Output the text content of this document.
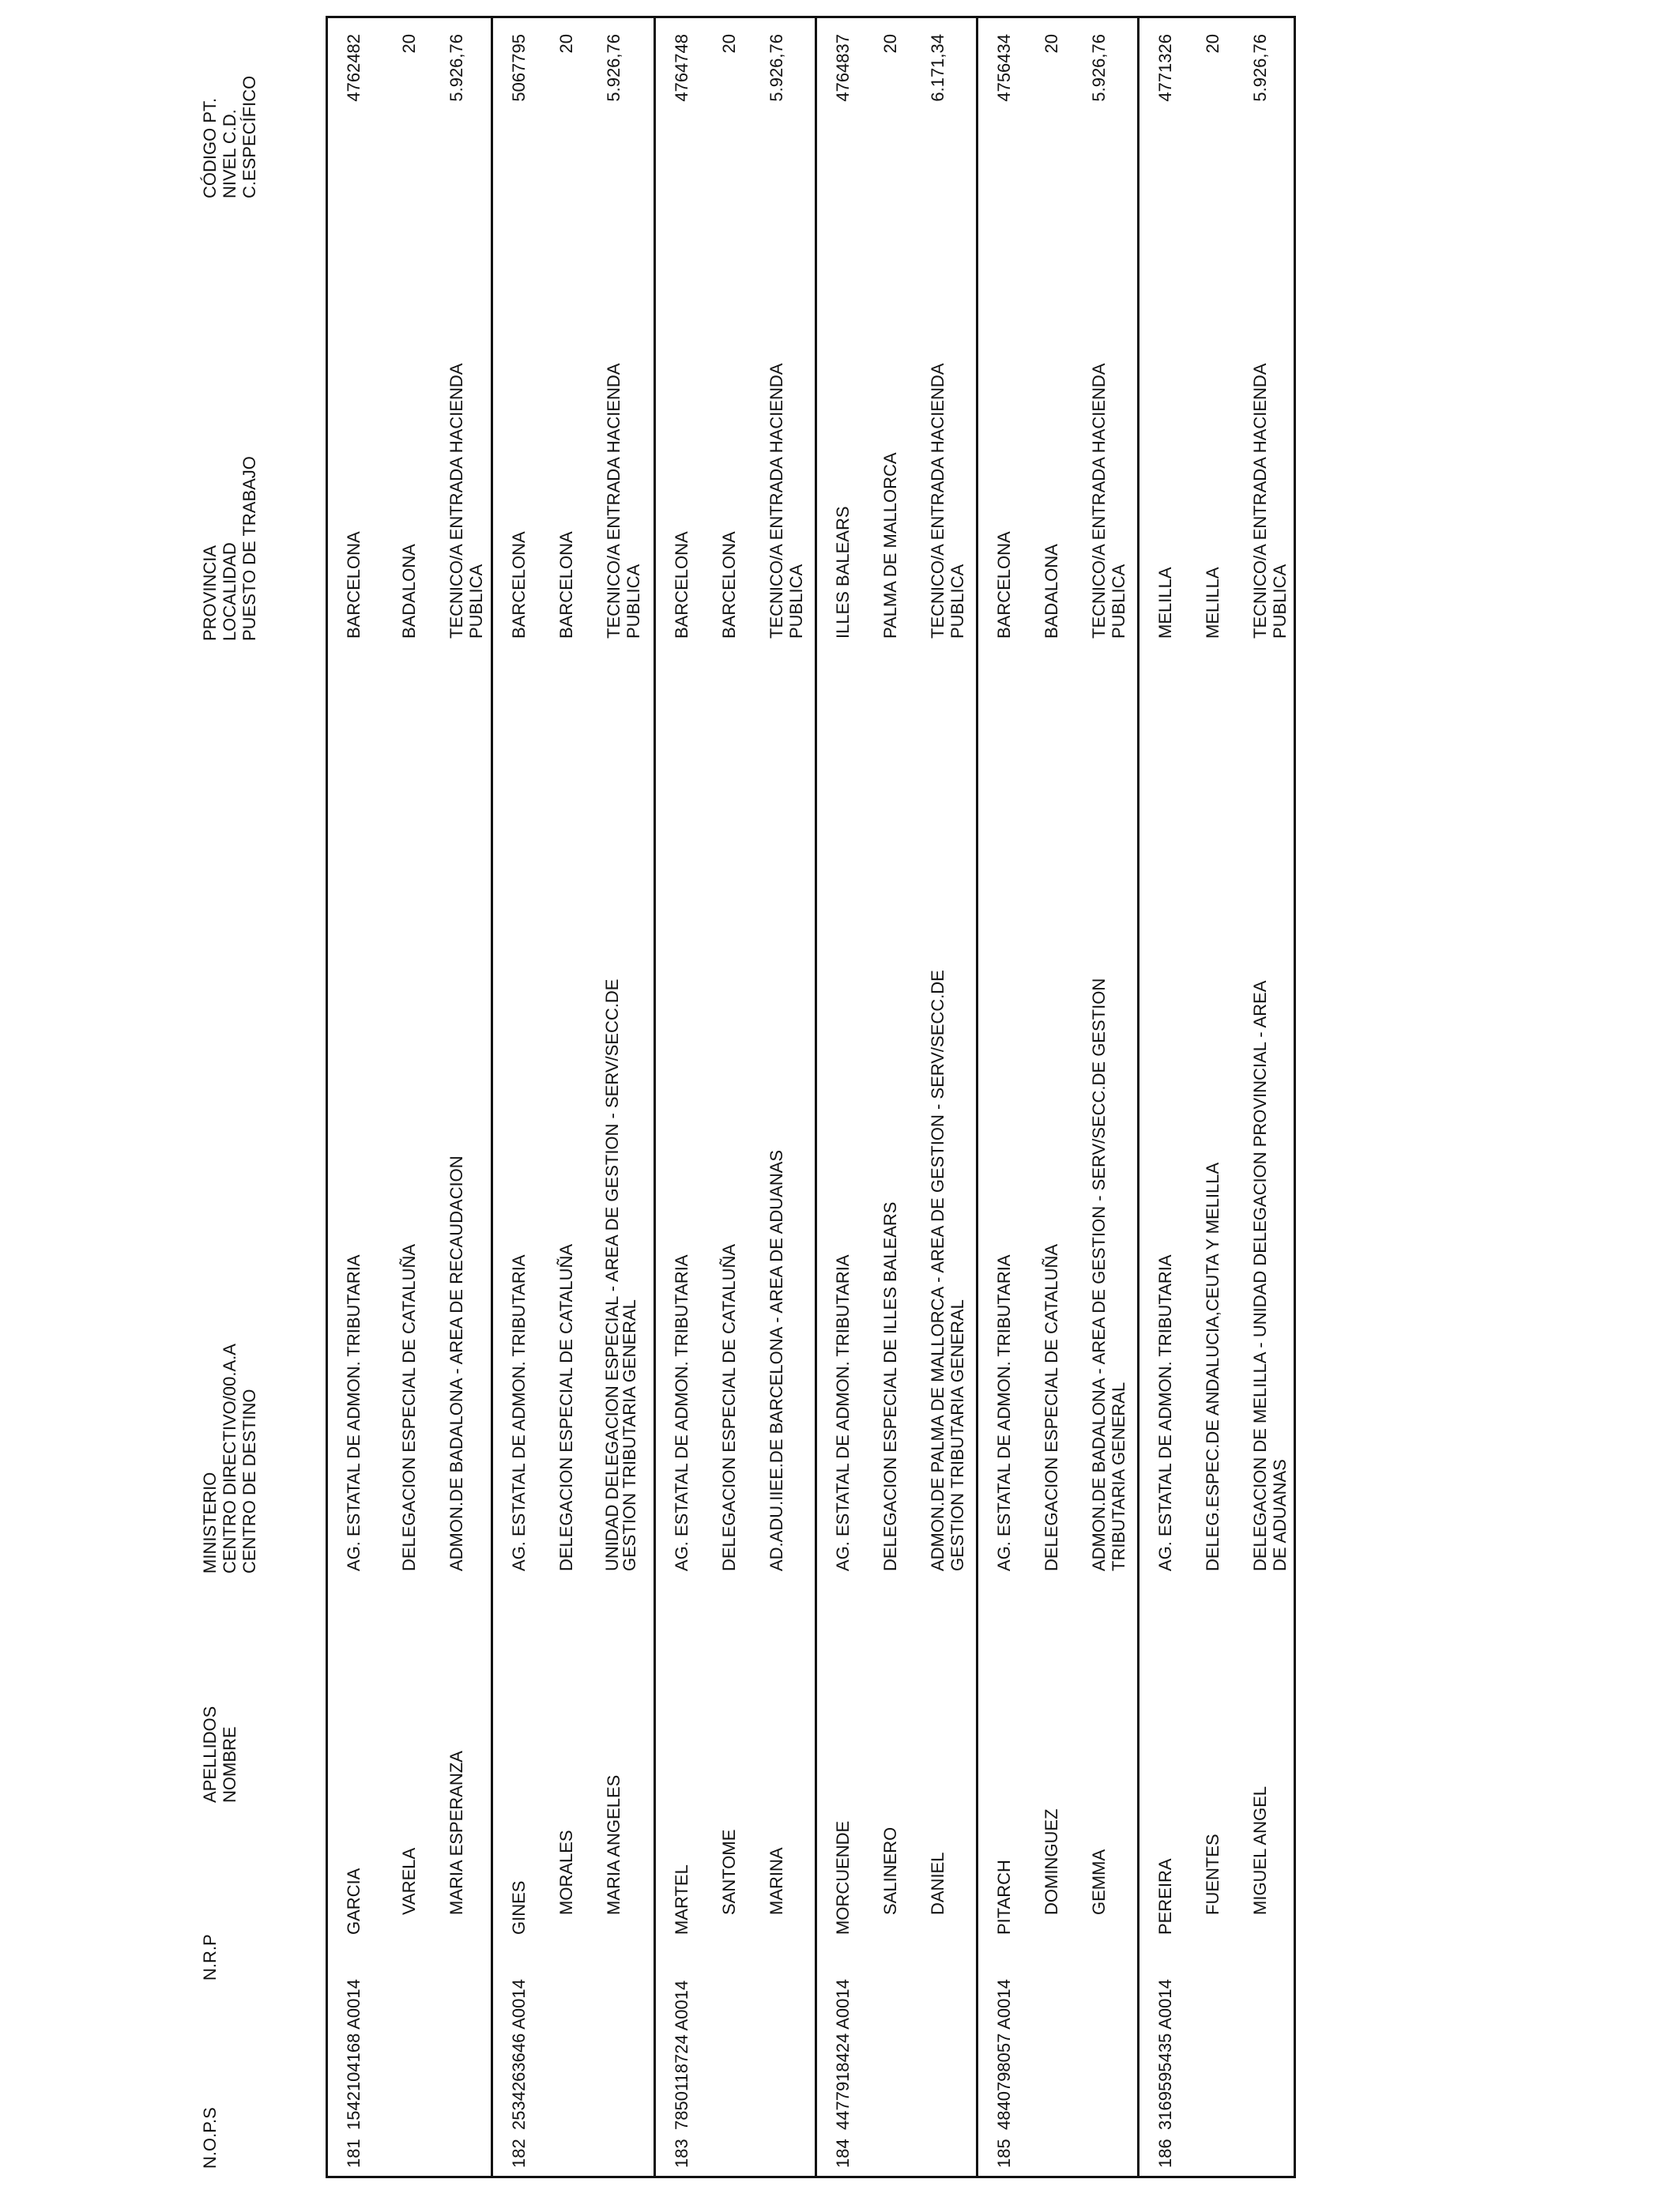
N.O.P.S
N.R.P
APELLIDOS NOMBRE
MINISTERIO CENTRO DIRECTIVO/00.A.A CENTRO DE DESTINO
PROVINCIA LOCALIDAD PUESTO DE TRABAJO
CÓDIGO PT. NIVEL C.D. C.ESPECÍFICO
181
1542104168 A0014
GARCIA VARELA MARIA ESPERANZA
AG. ESTATAL DE ADMON. TRIBUTARIA DELEGACION ESPECIAL DE CATALUÑA ADMON.DE BADALONA - AREA DE RECAUDACION
BARCELONA BADALONA TECNICO/A ENTRADA HACIENDA PUBLICA
4762482 20 5.926,76
182
2534263646 A0014
GINES MORALES MARIA ANGELES
AG. ESTATAL DE ADMON. TRIBUTARIA DELEGACION ESPECIAL DE CATALUÑA UNIDAD DELEGACION ESPECIAL - AREA DE GESTION - SERV/SECC.DE GESTION TRIBUTARIA GENERAL
BARCELONA BARCELONA TECNICO/A ENTRADA HACIENDA PUBLICA
5067795 20 5.926,76
183
7850118724 A0014
MARTEL SANTOME MARINA
AG. ESTATAL DE ADMON. TRIBUTARIA DELEGACION ESPECIAL DE CATALUÑA AD.ADU.IIEE.DE BARCELONA - AREA DE ADUANAS
BARCELONA BARCELONA TECNICO/A ENTRADA HACIENDA PUBLICA
4764748 20 5.926,76
184
4477918424 A0014
MORCUENDE SALINERO DANIEL
AG. ESTATAL DE ADMON. TRIBUTARIA DELEGACION ESPECIAL DE ILLES BALEARS ADMON.DE PALMA DE MALLORCA - AREA DE GESTION - SERV/SECC.DE GESTION TRIBUTARIA GENERAL
ILLES BALEARS PALMA DE MALLORCA TECNICO/A ENTRADA HACIENDA PUBLICA
4764837 20 6.171,34
185
4840798057 A0014
PITARCH DOMINGUEZ GEMMA
AG. ESTATAL DE ADMON. TRIBUTARIA DELEGACION ESPECIAL DE CATALUÑA ADMON.DE BADALONA - AREA DE GESTION - SERV/SECC.DE GESTION TRIBUTARIA GENERAL
BARCELONA BADALONA TECNICO/A ENTRADA HACIENDA PUBLICA
4756434 20 5.926,76
186
3169595435 A0014
PEREIRA FUENTES MIGUEL ANGEL
AG. ESTATAL DE ADMON. TRIBUTARIA DELEG.ESPEC.DE ANDALUCIA,CEUTA Y MELILLA DELEGACION DE MELILLA - UNIDAD DELEGACION PROVINCIAL - AREA DE ADUANAS
MELILLA MELILLA TECNICO/A ENTRADA HACIENDA PUBLICA
4771326 20 5.926,76
